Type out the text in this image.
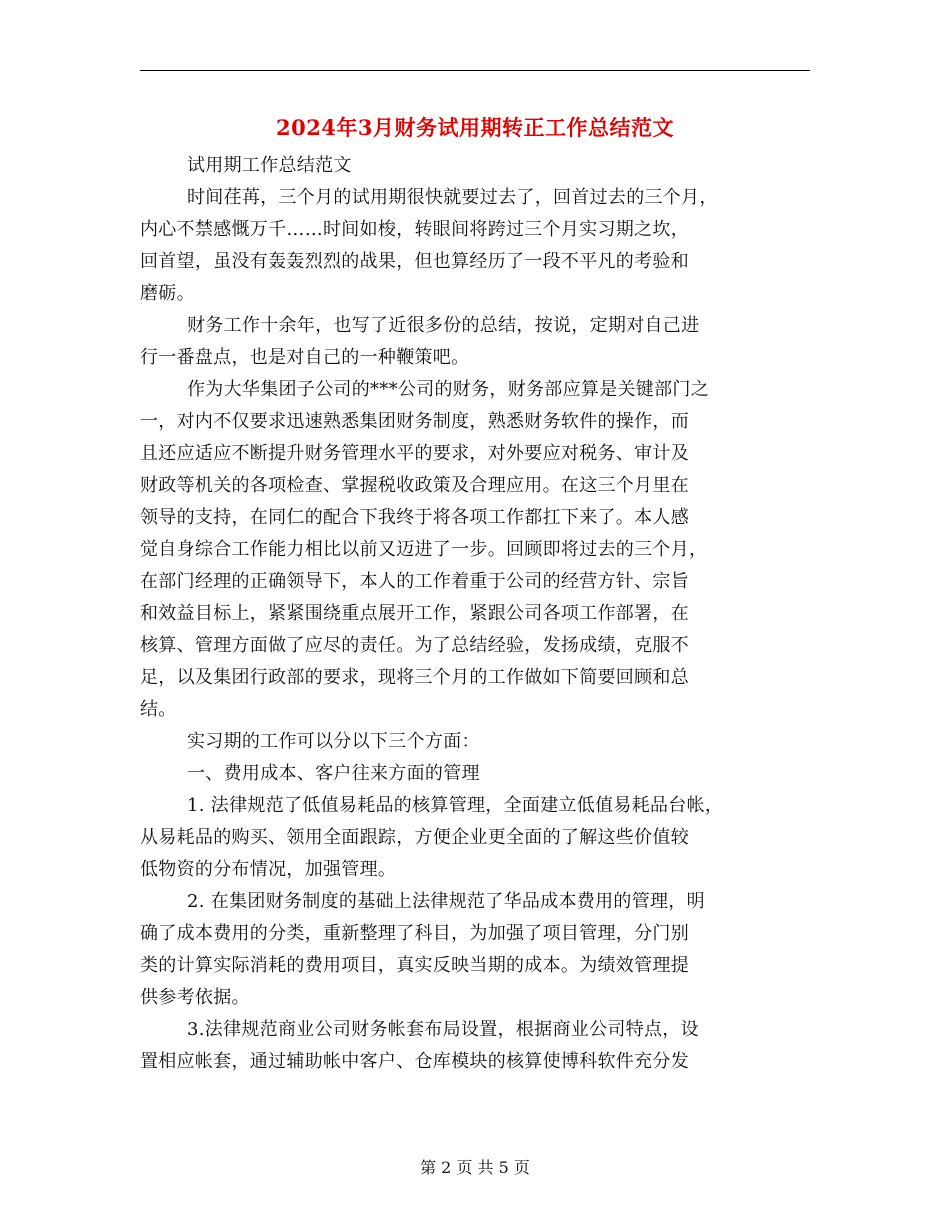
2024年3月财务试用期转正工作总结范文
试用期工作总结范文
时间荏苒，三个月的试用期很快就要过去了，回首过去的三个月，
内心不禁感慨万千……时间如梭，转眼间将跨过三个月实习期之坎，
回首望，虽没有轰轰烈烈的战果，但也算经历了一段不平凡的考验和
磨砺。
财务工作十余年，也写了近很多份的总结，按说，定期对自己进
行一番盘点，也是对自己的一种鞭策吧。
作为大华集团子公司的***公司的财务，财务部应算是关键部门之
一，对内不仅要求迅速熟悉集团财务制度，熟悉财务软件的操作，而
且还应适应不断提升财务管理水平的要求，对外要应对税务、审计及
财政等机关的各项检查、掌握税收政策及合理应用。在这三个月里在
领导的支持，在同仁的配合下我终于将各项工作都扛下来了。本人感
觉自身综合工作能力相比以前又迈进了一步。回顾即将过去的三个月，
在部门经理的正确领导下，本人的工作着重于公司的经营方针、宗旨
和效益目标上，紧紧围绕重点展开工作，紧跟公司各项工作部署，在
核算、管理方面做了应尽的责任。为了总结经验，发扬成绩，克服不
足，以及集团行政部的要求，现将三个月的工作做如下简要回顾和总
结。
实习期的工作可以分以下三个方面：
一、费用成本、客户往来方面的管理
1. 法律规范了低值易耗品的核算管理，全面建立低值易耗品台帐，
从易耗品的购买、领用全面跟踪，方便企业更全面的了解这些价值较
低物资的分布情况，加强管理。
2. 在集团财务制度的基础上法律规范了华品成本费用的管理，明
确了成本费用的分类，重新整理了科目，为加强了项目管理，分门别
类的计算实际消耗的费用项目，真实反映当期的成本。为绩效管理提
供参考依据。
3.法律规范商业公司财务帐套布局设置，根据商业公司特点，设
置相应帐套，通过辅助帐中客户、仓库模块的核算使博科软件充分发
第 2 页 共 5 页
